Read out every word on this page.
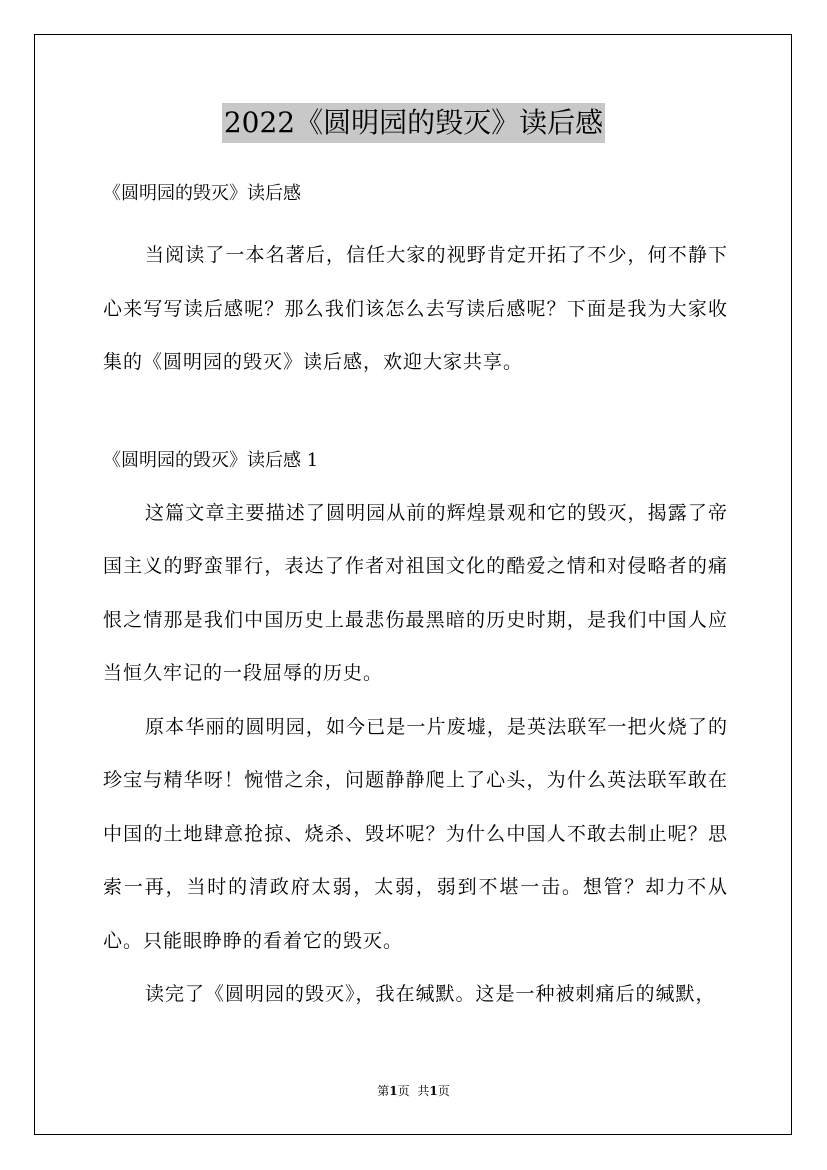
2022《圆明园的毁灭》读后感

《圆明园的毁灭》读后感

当阅读了一本名著后，信任大家的视野肯定开拓了不少，何不静下心来写写读后感呢？那么我们该怎么去写读后感呢？下面是我为大家收集的《圆明园的毁灭》读后感，欢迎大家共享。

《圆明园的毁灭》读后感 1

这篇文章主要描述了圆明园从前的辉煌景观和它的毁灭，揭露了帝国主义的野蛮罪行，表达了作者对祖国文化的酷爱之情和对侵略者的痛恨之情那是我们中国历史上最悲伤最黑暗的历史时期，是我们中国人应当恒久牢记的一段屈辱的历史。

原本华丽的圆明园，如今已是一片废墟，是英法联军一把火烧了的珍宝与精华呀！惋惜之余，问题静静爬上了心头，为什么英法联军敢在中国的土地肆意抢掠、烧杀、毁坏呢？为什么中国人不敢去制止呢？思索一再，当时的清政府太弱，太弱，弱到不堪一击。想管？却力不从心。只能眼睁睁的看着它的毁灭。

读完了《圆明园的毁灭》，我在缄默。这是一种被刺痛后的缄默，

第1页 共1页
